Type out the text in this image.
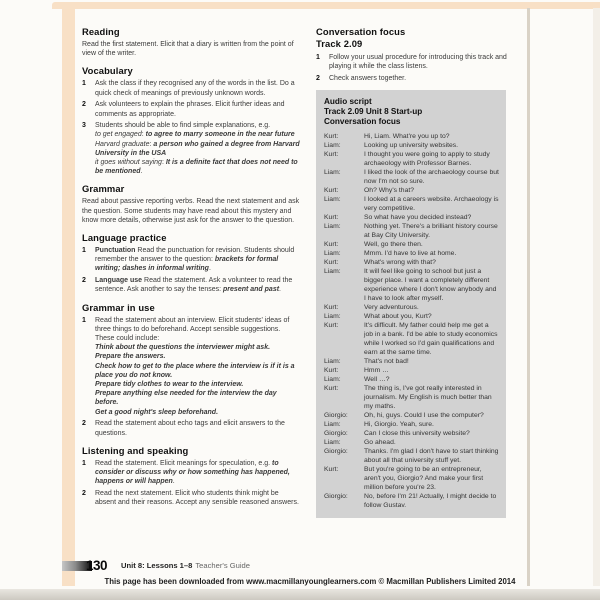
Reading

Read the first statement. Elicit that a diary is written from the point of view of the writer.

Vocabulary
1	Ask the class if they recognised any of the words in the list. Do a quick check of meanings of previously unknown words.
2	Ask volunteers to explain the phrases. Elicit further ideas and comments as appropriate.
3	Students should be able to find simple explanations, e.g.
to get engaged: to agree to marry someone in the near future
Harvard graduate: a person who gained a degree from Harvard University in the USA
it goes without saying: It is a definite fact that does not need to be mentioned.
Grammar

Read about passive reporting verbs. Read the next statement and ask the question. Some students may have read about this mystery and know more details, otherwise just ask for the answer to the question.

Language practice
1	Punctuation Read the punctuation for revision. Students should remember the answer to the question: brackets for formal writing; dashes in informal writing.
2	Language use Read the statement. Ask a volunteer to read the sentence. Ask another to say the tenses: present and past.
Grammar in use
1	Read the statement about an interview. Elicit students' ideas of three things to do beforehand. Accept sensible suggestions. These could include:
Think about the questions the interviewer might ask.
Prepare the answers.
Check how to get to the place where the interview is if it is a place you do not know.
Prepare tidy clothes to wear to the interview.
Prepare anything else needed for the interview the day before.
Get a good night's sleep beforehand.
2	Read the statement about echo tags and elicit answers to the questions.
Listening and speaking
1	Read the statement. Elicit meanings for speculation, e.g. to consider or discuss why or how something has happened, happens or will happen.
2	Read the next statement. Elicit who students think might be absent and their reasons. Accept any sensible reasoned answers.
Conversation focus
Track 2.09
1	Follow your usual procedure for introducing this track and playing it while the class listens.
2	Check answers together.
Audio script
Track 2.09 Unit 8 Start-up
Conversation focus
Kurt:	Hi, Liam. What're you up to?
Liam:	Looking up university websites.
Kurt:	I thought you were going to apply to study archaeology with Professor Barnes.
Liam:	I liked the look of the archaeology course but now I'm not so sure.
Kurt:	Oh? Why's that?
Liam:	I looked at a careers website. Archaeology is very competitive.
Kurt:	So what have you decided instead?
Liam:	Nothing yet. There's a brilliant history course at Bay City University.
Kurt:	Well, go there then.
Liam:	Mmm. I'd have to live at home.
Kurt:	What's wrong with that?
Liam:	It will feel like going to school but just a bigger place. I want a completely different experience where I don't know anybody and I have to look after myself.
Kurt:	Very adventurous.
Liam:	What about you, Kurt?
Kurt:	It's difficult. My father could help me get a job in a bank. I'd be able to study economics while I worked so I'd gain qualifications and earn at the same time.
Liam:	That's not bad!
Kurt:	Hmm …
Liam:	Well …?
Kurt:	The thing is, I've got really interested in journalism. My English is much better than my maths.
Giorgio:	Oh, hi, guys. Could I use the computer?
Liam:	Hi, Giorgio. Yeah, sure.
Giorgio:	Can I close this university website?
Liam:	Go ahead.
Giorgio:	Thanks. I'm glad I don't have to start thinking about all that university stuff yet.
Kurt:	But you're going to be an entrepreneur, aren't you, Giorgio? And make your first million before you're 23.
Giorgio:	No, before I'm 21! Actually, I might decide to follow Gustav.
130 Unit 8: Lessons 1–8 Teacher's Guide
This page has been downloaded from www.macmillanyounglearners.com © Macmillan Publishers Limited 2014
